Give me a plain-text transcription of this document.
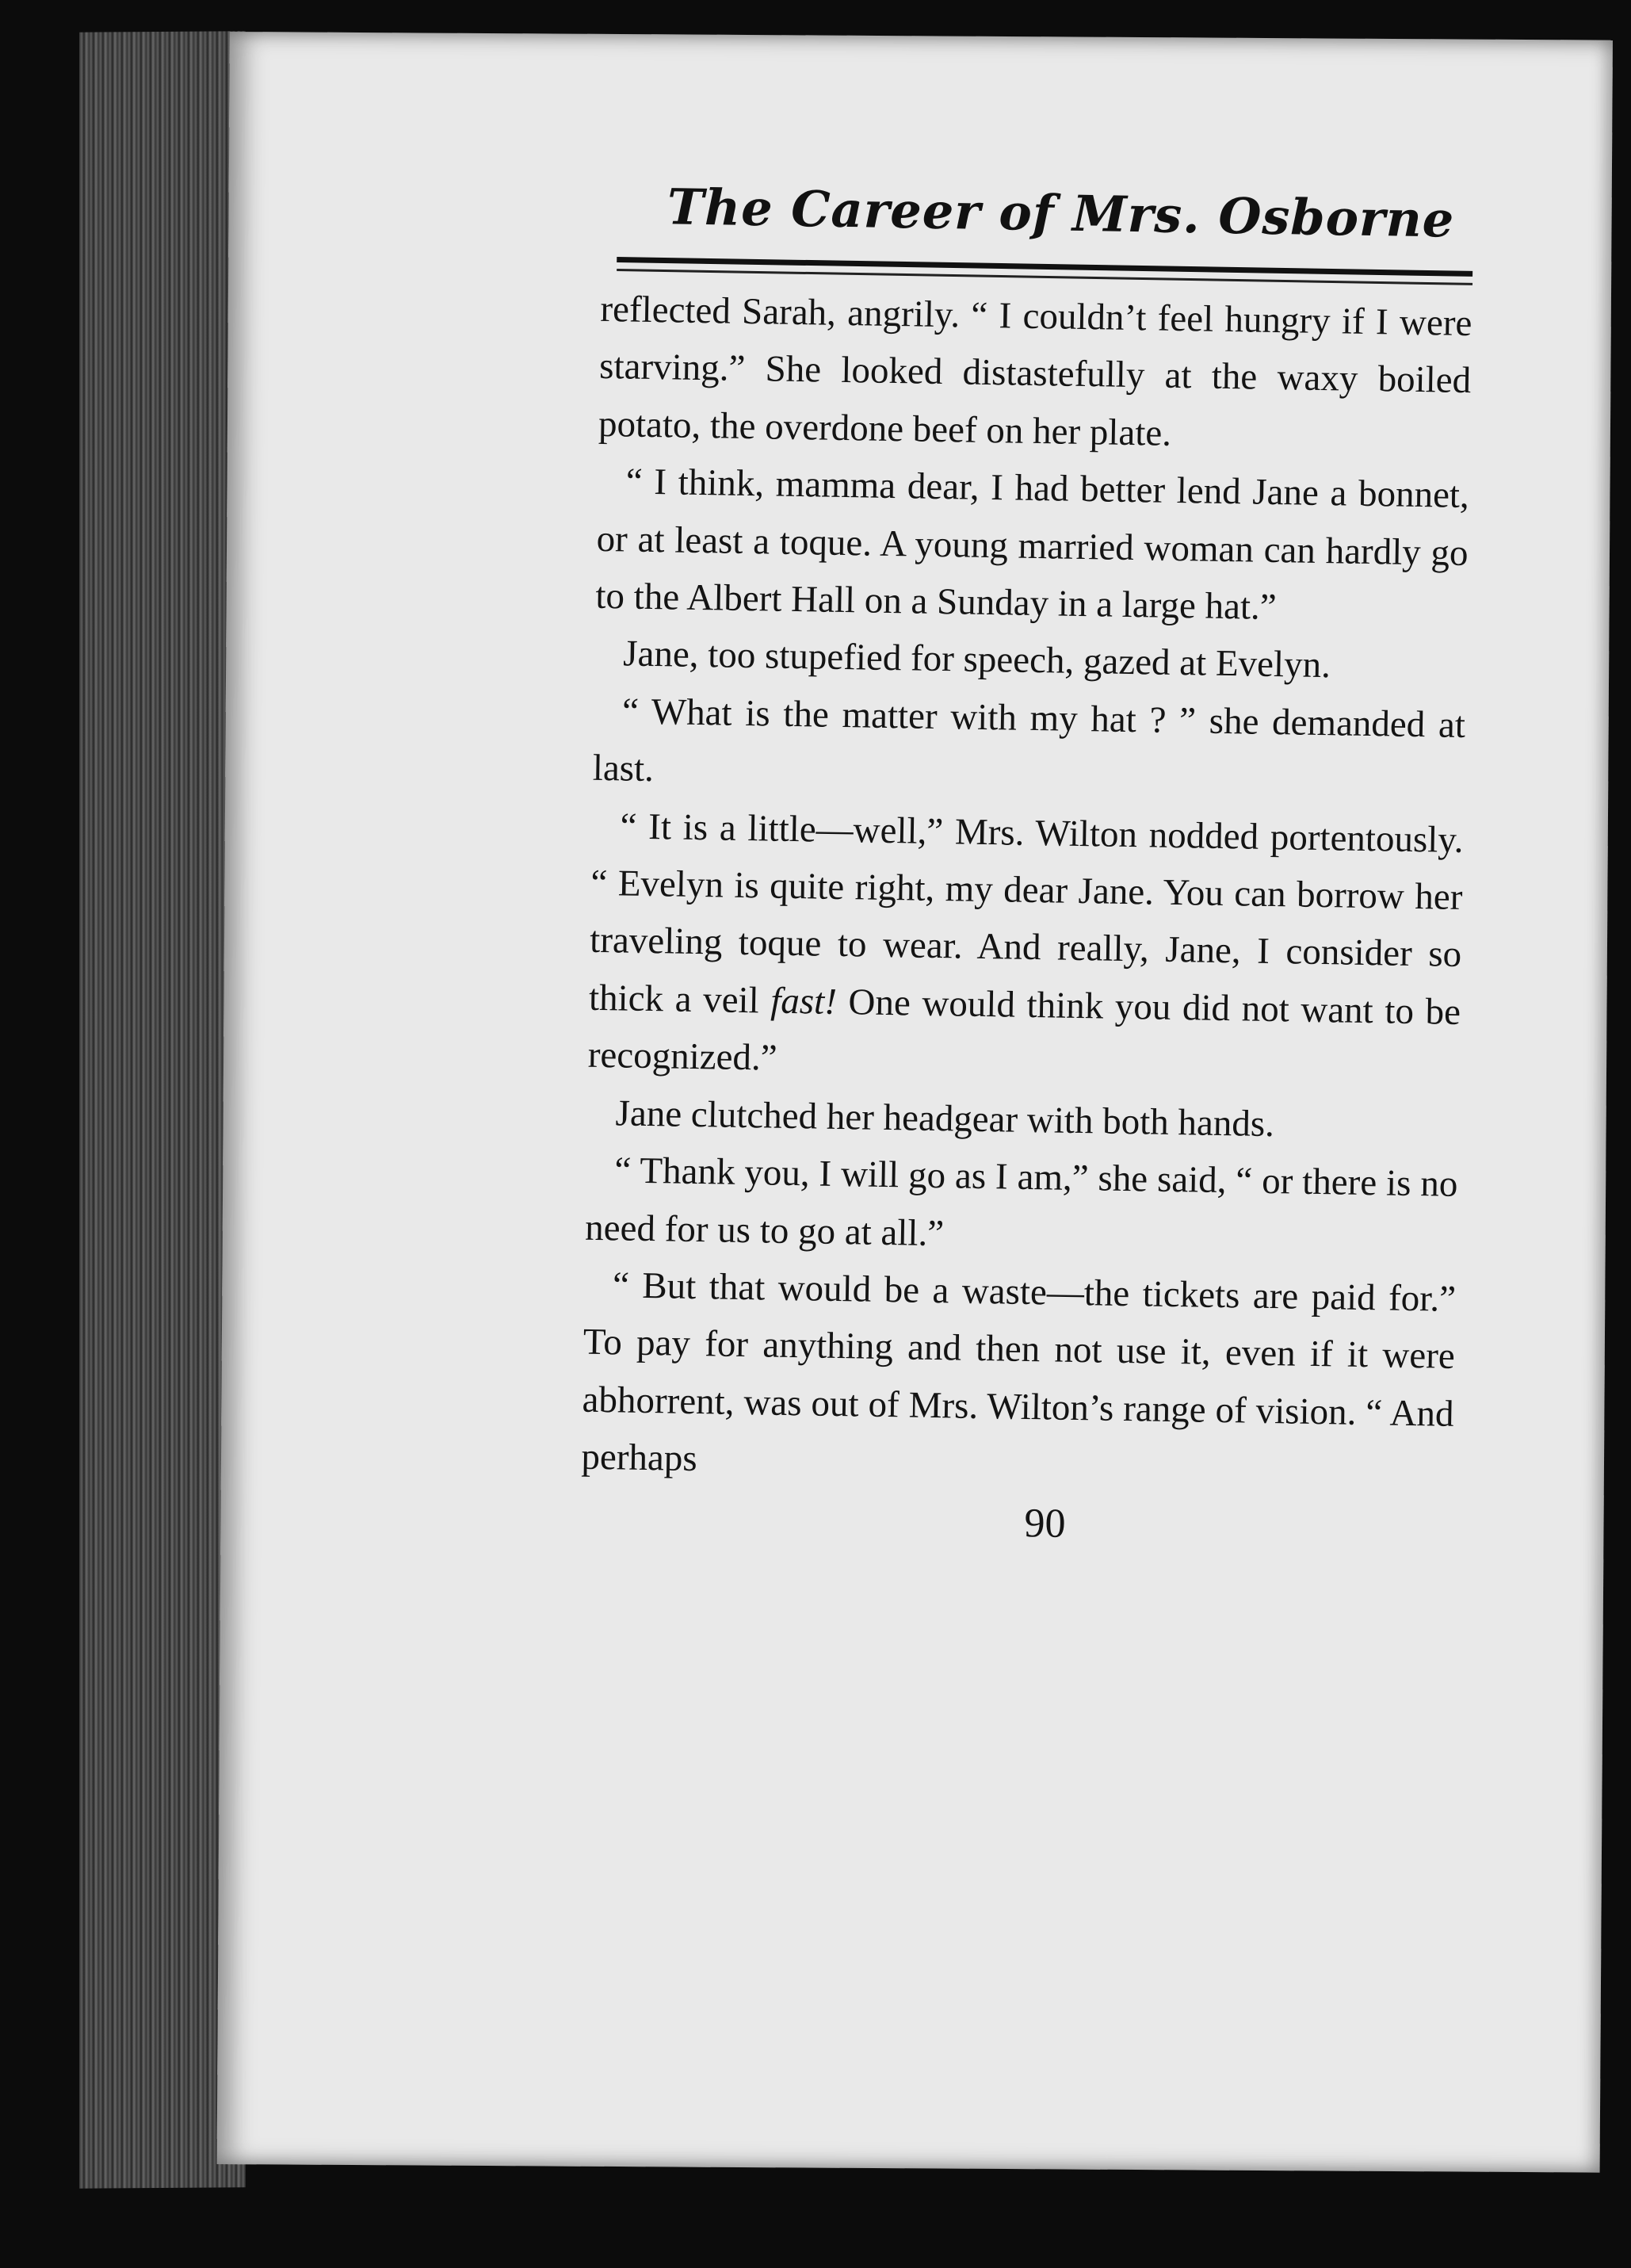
The Career of Mrs. Osborne

reflected Sarah, angrily. “ I couldn’t feel hungry if I were starving.” She looked distastefully at the waxy boiled potato, the overdone beef on her plate.

“ I think, mamma dear, I had better lend Jane a bonnet, or at least a toque. A young married woman can hardly go to the Albert Hall on a Sunday in a large hat.”

Jane, too stupefied for speech, gazed at Evelyn.

“ What is the matter with my hat ? ” she demanded at last.

“ It is a little—well,” Mrs. Wilton nodded portentously. “ Evelyn is quite right, my dear Jane. You can borrow her traveling toque to wear. And really, Jane, I consider so thick a veil fast! One would think you did not want to be recognized.”

Jane clutched her headgear with both hands.

“ Thank you, I will go as I am,” she said, “ or there is no need for us to go at all.”

“ But that would be a waste—the tickets are paid for.” To pay for anything and then not use it, even if it were abhorrent, was out of Mrs. Wilton’s range of vision. “ And perhaps

90
